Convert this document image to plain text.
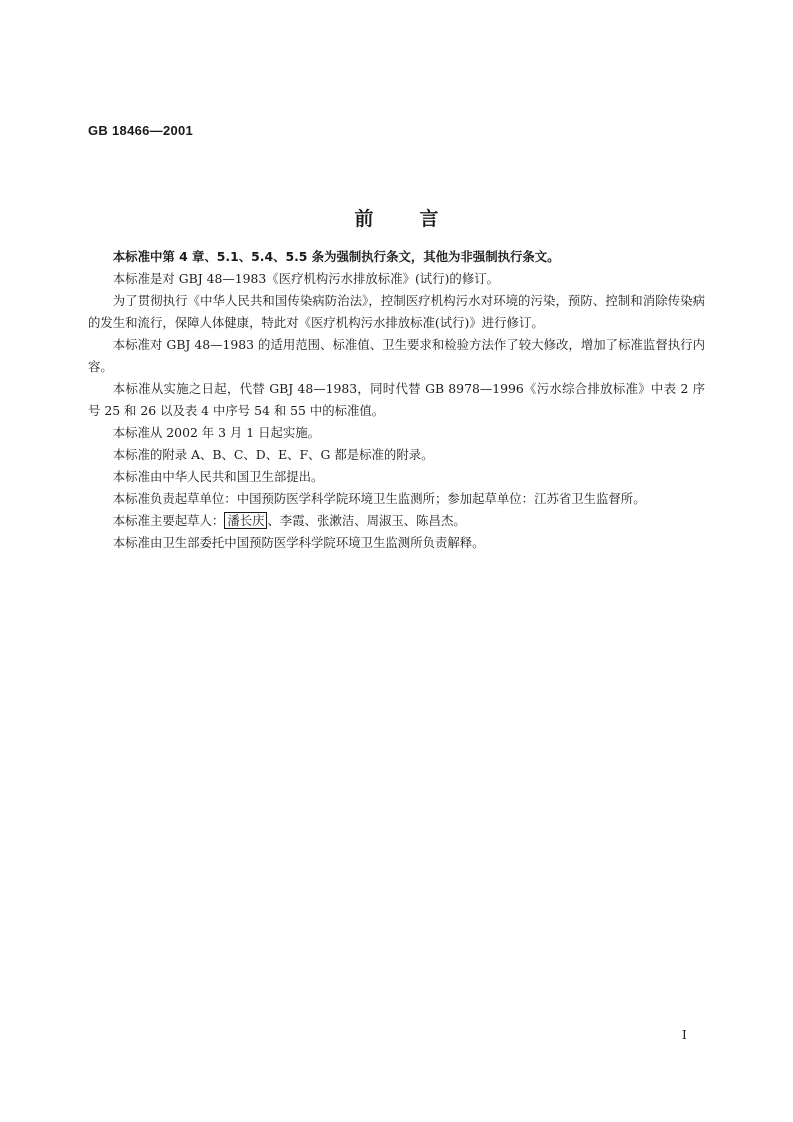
GB 18466—2001
前 言

本标准中第 4 章、5.1、5.4、5.5 条为强制执行条文，其他为非强制执行条文。

本标准是对 GBJ 48—1983《医疗机构污水排放标准》(试行)的修订。

为了贯彻执行《中华人民共和国传染病防治法》，控制医疗机构污水对环境的污染，预防、控制和消除传染病的发生和流行，保障人体健康，特此对《医疗机构污水排放标准(试行)》进行修订。

本标准对 GBJ 48—1983 的适用范围、标准值、卫生要求和检验方法作了较大修改，增加了标准监督执行内容。

本标准从实施之日起，代替 GBJ 48—1983，同时代替 GB 8978—1996《污水综合排放标准》中表 2 序号 25 和 26 以及表 4 中序号 54 和 55 中的标准值。

本标准从 2002 年 3 月 1 日起实施。

本标准的附录 A、B、C、D、E、F、G 都是标准的附录。

本标准由中华人民共和国卫生部提出。

本标准负责起草单位：中国预防医学科学院环境卫生监测所；参加起草单位：江苏省卫生监督所。

本标准主要起草人： 潘长庆 、李霞、张漱洁、周淑玉、陈昌杰。

本标准由卫生部委托中国预防医学科学院环境卫生监测所负责解释。

I
